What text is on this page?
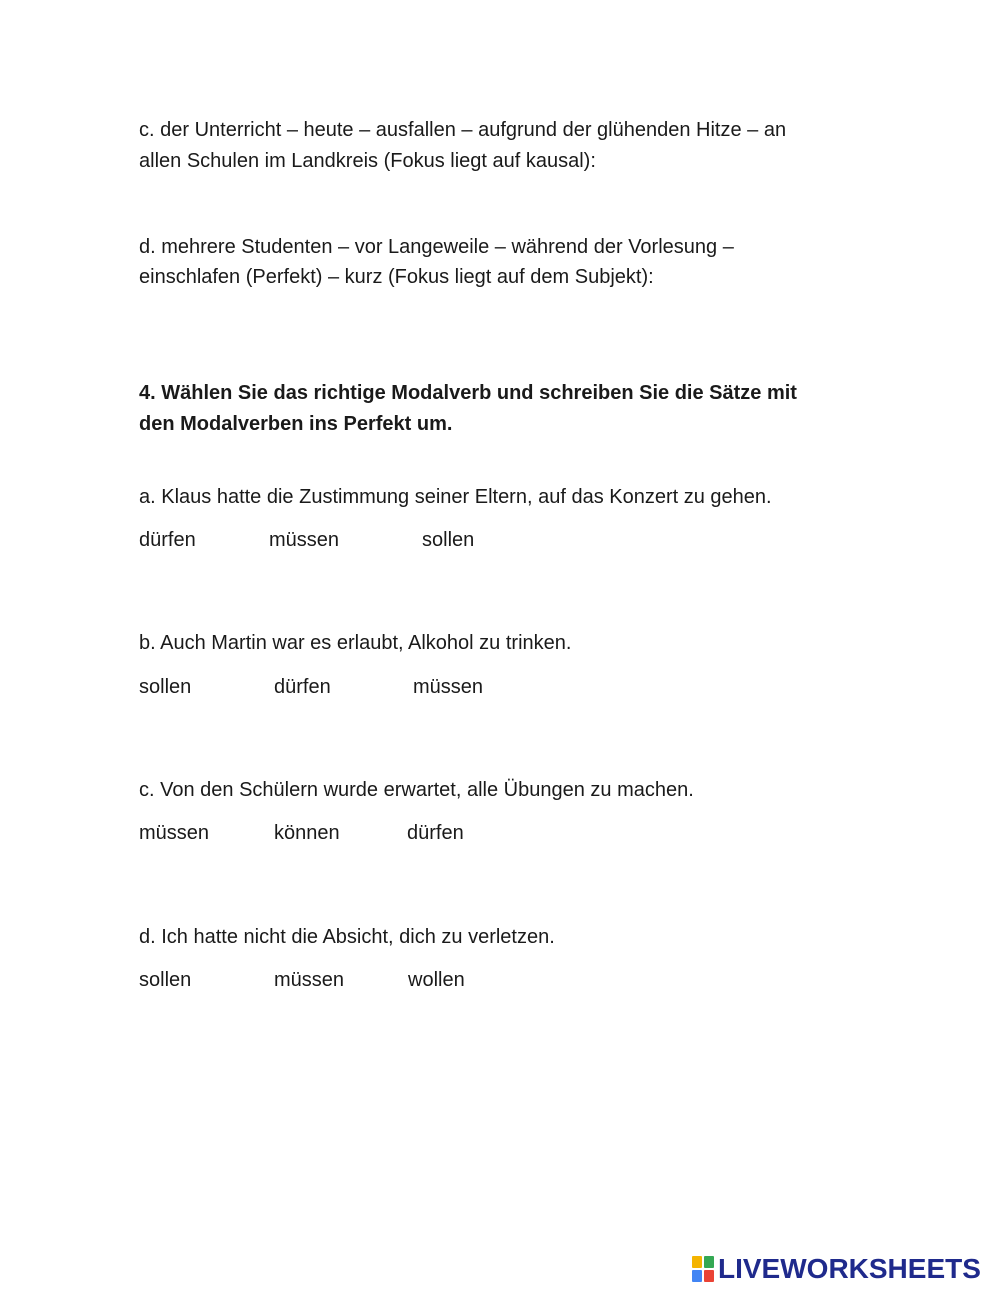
c. der Unterricht – heute – ausfallen – aufgrund der glühenden Hitze – an

allen Schulen im Landkreis (Fokus liegt auf kausal):

d. mehrere Studenten – vor Langeweile – während der Vorlesung –

einschlafen (Perfekt) – kurz (Fokus liegt auf dem Subjekt):

4. Wählen Sie das richtige Modalverb und schreiben Sie die Sätze mit

den Modalverben ins Perfekt um.

a. Klaus hatte die Zustimmung seiner Eltern, auf das Konzert zu gehen.

dürfen	müssen	sollen

b. Auch Martin war es erlaubt, Alkohol zu trinken.

sollen	dürfen	müssen

c. Von den Schülern wurde erwartet, alle Übungen zu machen.

müssen	können	dürfen

d. Ich hatte nicht die Absicht, dich zu verletzen.

sollen	müssen	wollen
LIVEWORKSHEETS
